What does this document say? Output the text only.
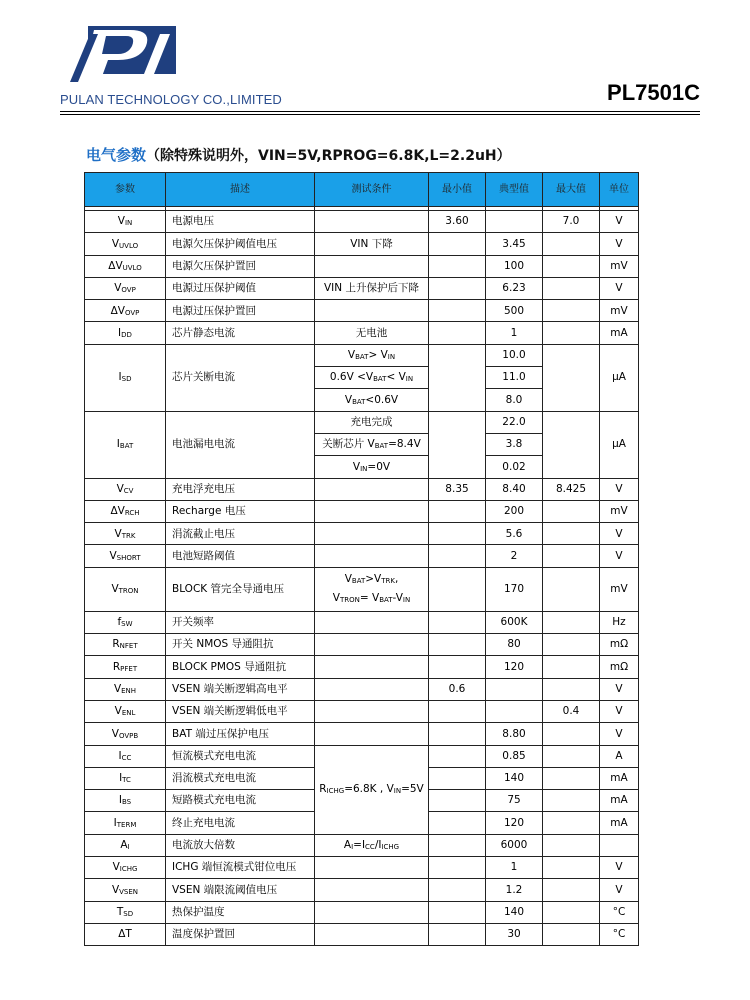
PULAN TECHNOLOGY CO.,LIMITED	PL7501C
电气参数（除特殊说明外，VIN=5V,RPROG=6.8K,L=2.2uH）
参数	描述	测试条件	最小值	典型值	最大值	单位

$V_{IN}$	电源电压		3.60		7.0	V
$V_{UVLO}$	电源欠压保护阈值电压	VIN 下降		3.45		V
$\Delta V_{UVLO}$	电源欠压保护置回			100		mV
$V_{OVP}$	电源过压保护阈值	VIN 上升保护后下降		6.23		V
$\Delta V_{OVP}$	电源过压保护置回			500		mV
$I_{DD}$	芯片静态电流	无电池		1		mA
$I_{SD}$	芯片关断电流	$V_{BAT}> V_{IN}$		10.0		μA
		$0.6V <V_{BAT}< V_{IN}$		11.0		
		$V_{BAT}<0.6V$		8.0		
$I_{BAT}$	电池漏电电流	充电完成		22.0		μA
		关断芯片 $V_{BAT}=8.4V$		3.8		
		$V_{IN}=0V$		0.02		
$V_{CV}$	充电浮充电压		8.35	8.40	8.425	V
$\Delta V_{RCH}$	Recharge 电压			200		mV
$V_{TRK}$	涓流截止电压			5.6		V
$V_{SHORT}$	电池短路阈值			2		V
$V_{TRON}$	BLOCK 管完全导通电压	$V_{BAT}>V_{TRK}$,
$V_{TRON}= V_{BAT}-V_{IN}$		170		mV
$f_{SW}$	开关频率			600K		Hz
$R_{NFET}$	开关 NMOS 导通阻抗			80		mΩ
$R_{PFET}$	BLOCK PMOS 导通阻抗			120		mΩ
$V_{ENH}$	VSEN 端关断逻辑高电平		0.6			V
$V_{ENL}$	VSEN 端关断逻辑低电平				0.4	V
$V_{OVPB}$	BAT 端过压保护电压			8.80		V
$I_{CC}$	恒流模式充电电流	$R_{ICHG}=6.8K$ , $V_{IN}=5V$		0.85		A
$I_{TC}$	涓流模式充电电流			140		mA
$I_{BS}$	短路模式充电电流			75		mA
$I_{TERM}$	终止充电电流			120		mA
$A_I$	电流放大倍数	$A_I=I_{CC}/I_{ICHG}$		6000		
$V_{ICHG}$	ICHG 端恒流模式钳位电压			1		V
$V_{VSEN}$	VSEN 端限流阈值电压			1.2		V
$T_{SD}$	热保护温度			140		°C
ΔT	温度保护置回			30		°C
